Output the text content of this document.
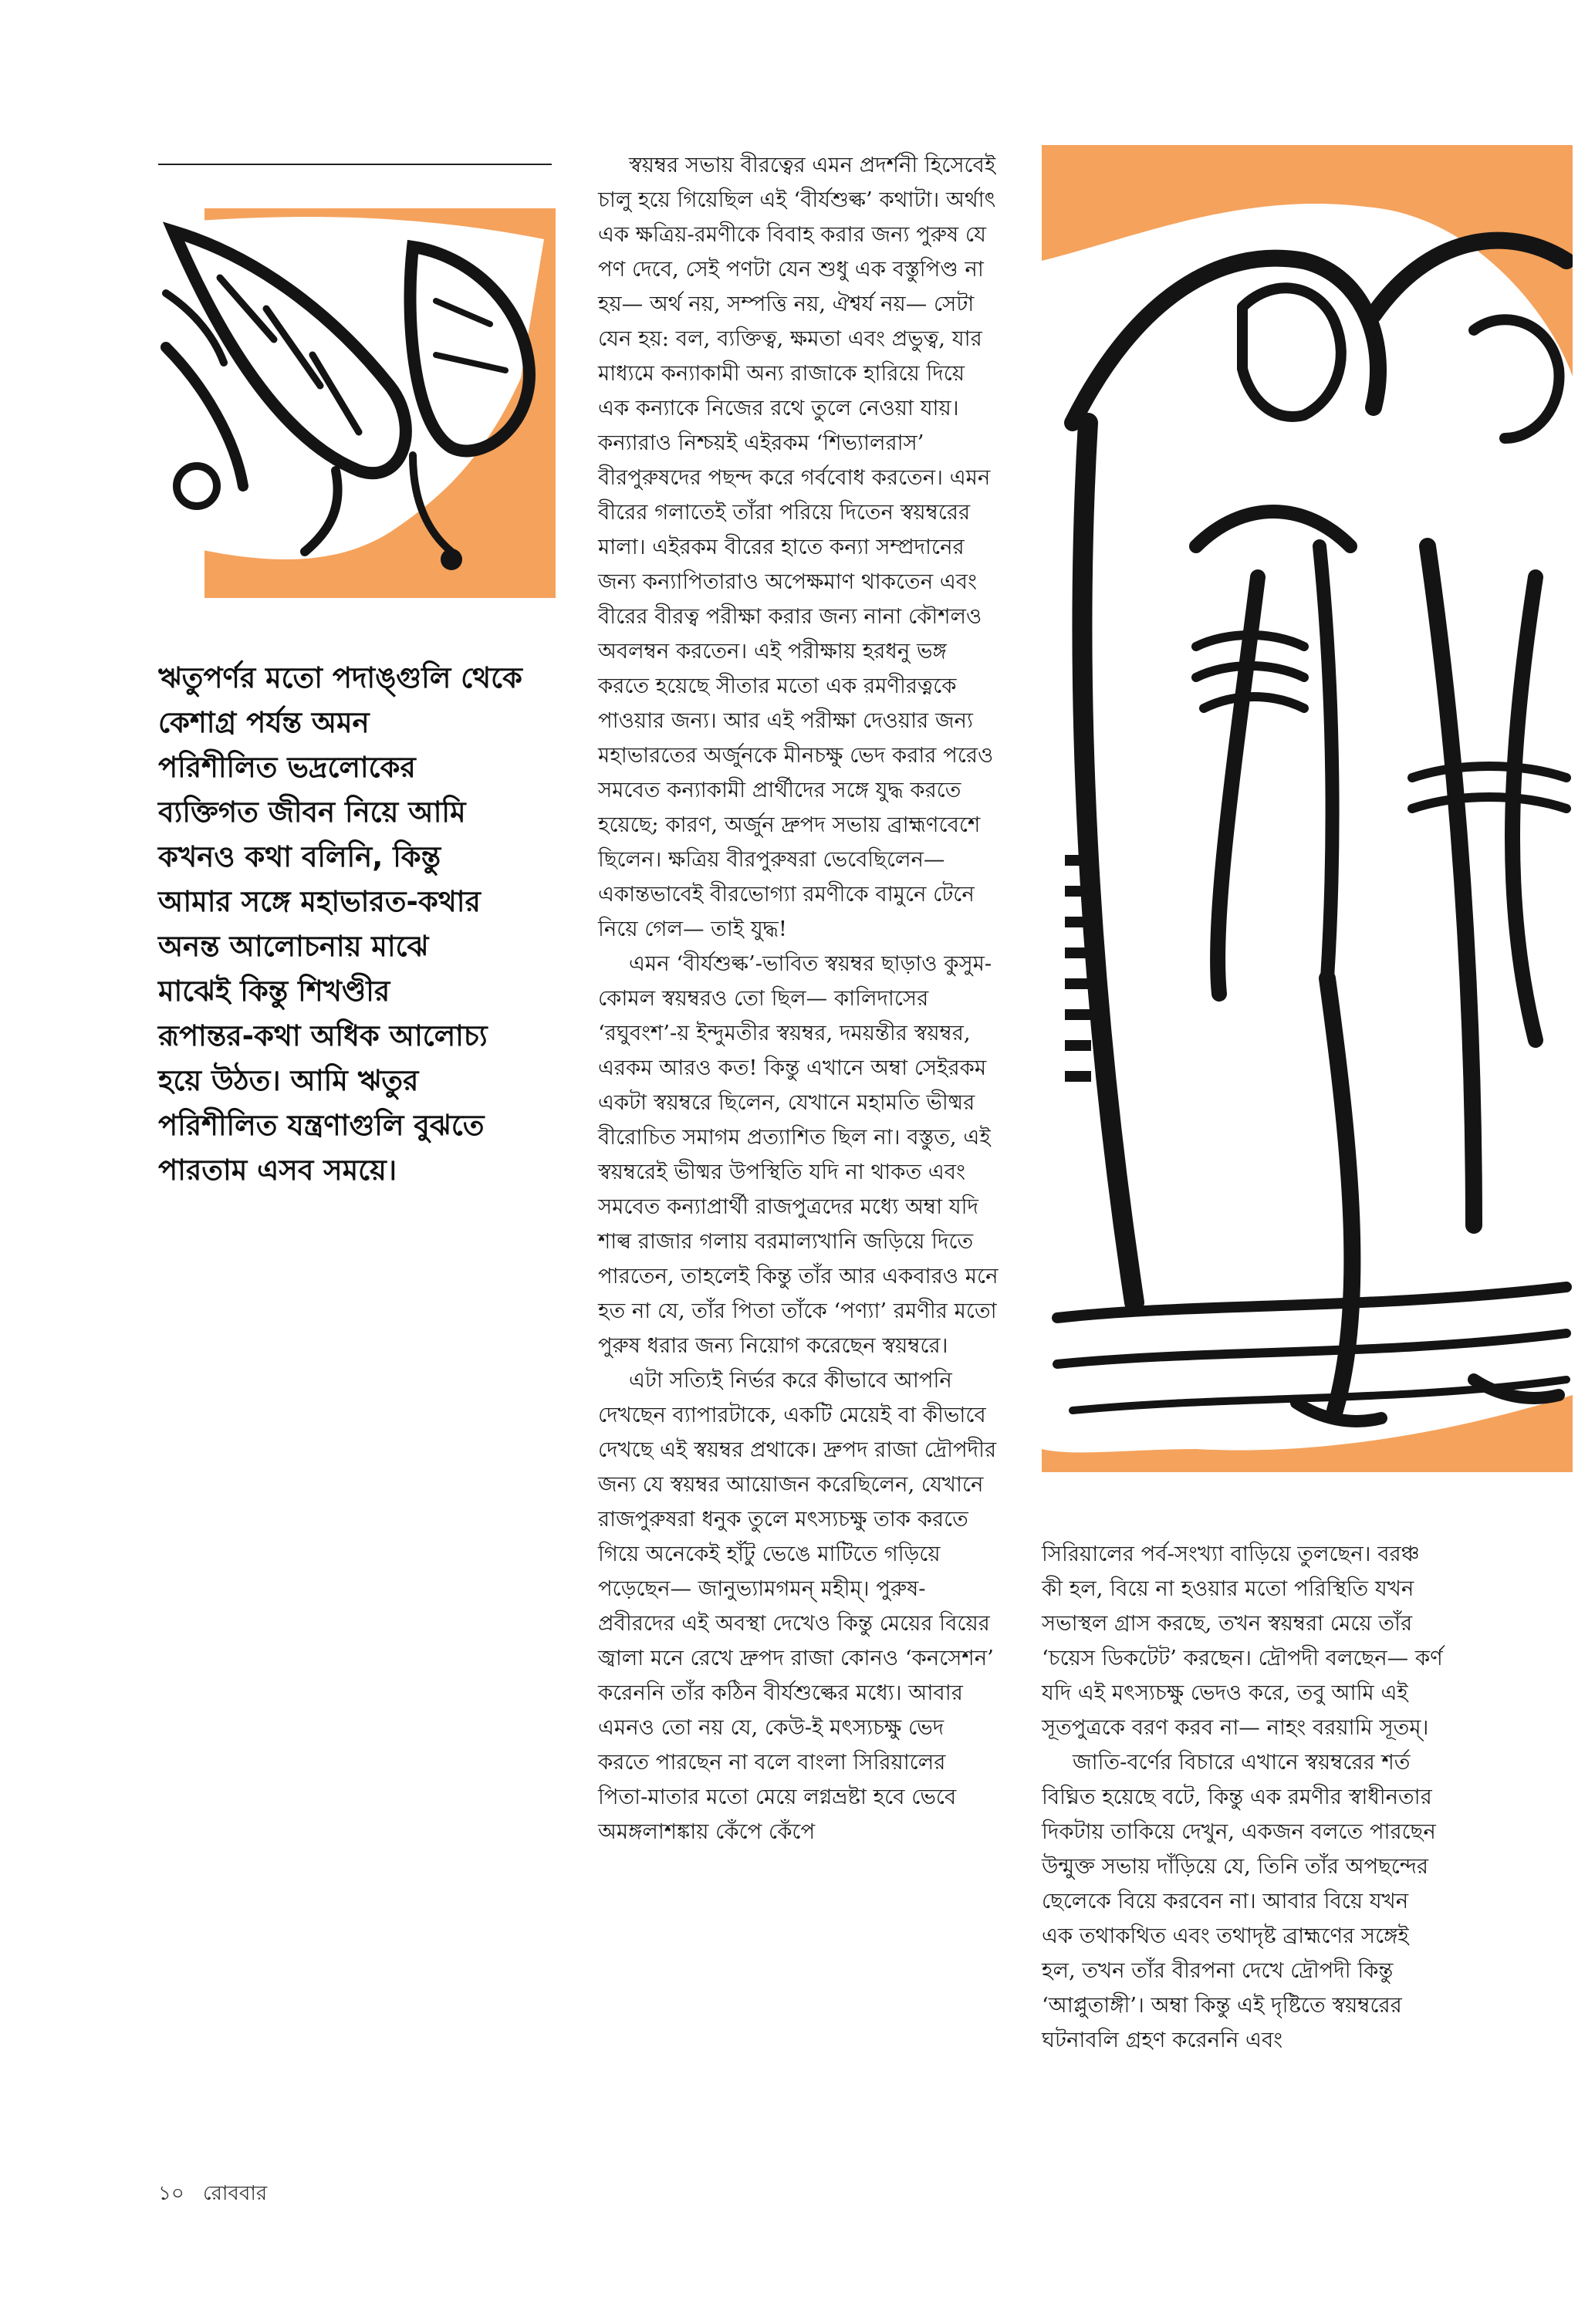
ঋতুপর্ণর মতো পদাঙ্গুলি থেকে

কেশাগ্র পর্যন্ত অমন

পরিশীলিত ভদ্রলোকের

ব্যক্তিগত জীবন নিয়ে আমি

কখনও কথা বলিনি, কিন্তু

আমার সঙ্গে মহাভারত-কথার

অনন্ত আলোচনায় মাঝে

মাঝেই কিন্তু শিখণ্ডীর

রূপান্তর-কথা অধিক আলোচ্য

হয়ে উঠত। আমি ঋতুর

পরিশীলিত যন্ত্রণাগুলি বুঝতে

পারতাম এসব সময়ে।

স্বয়ম্বর সভায় বীরত্বের এমন প্রদর্শনী হিসেবেই চালু হয়ে গিয়েছিল এই ‘বীর্যশুল্ক’ কথাটা। অর্থাৎ এক ক্ষত্রিয়-রমণীকে বিবাহ করার জন্য পুরুষ যে পণ দেবে, সেই পণটা যেন শুধু এক বস্তুপিণ্ড না হয়— অর্থ নয়, সম্পত্তি নয়, ঐশ্বর্য নয়— সেটা যেন হয়: বল, ব্যক্তিত্ব, ক্ষমতা এবং প্রভুত্ব, যার মাধ্যমে কন্যাকামী অন্য রাজাকে হারিয়ে দিয়ে এক কন্যাকে নিজের রথে তুলে নেওয়া যায়। কন্যারাও নিশ্চয়ই এইরকম ‘শিভ্যালরাস’ বীরপুরুষদের পছন্দ করে গর্ববোধ করতেন। এমন বীরের গলাতেই তাঁরা পরিয়ে দিতেন স্বয়ম্বরের মালা। এইরকম বীরের হাতে কন্যা সম্প্রদানের জন্য কন্যাপিতারাও অপেক্ষমাণ থাকতেন এবং বীরের বীরত্ব পরীক্ষা করার জন্য নানা কৌশলও অবলম্বন করতেন। এই পরীক্ষায় হরধনু ভঙ্গ করতে হয়েছে সীতার মতো এক রমণীরত্নকে পাওয়ার জন্য। আর এই পরীক্ষা দেওয়ার জন্য মহাভারতের অর্জুনকে মীনচক্ষু ভেদ করার পরেও সমবেত কন্যাকামী প্রার্থীদের সঙ্গে যুদ্ধ করতে হয়েছে; কারণ, অর্জুন দ্রুপদ সভায় ব্রাহ্মণবেশে ছিলেন। ক্ষত্রিয় বীরপুরুষরা ভেবেছিলেন— একান্তভাবেই বীরভোগ্যা রমণীকে বামুনে টেনে নিয়ে গেল— তাই যুদ্ধ!

এমন ‘বীর্যশুল্ক’-ভাবিত স্বয়ম্বর ছাড়াও কুসুম-কোমল স্বয়ম্বরও তো ছিল— কালিদাসের ‘রঘুবংশ’-য় ইন্দুমতীর স্বয়ম্বর, দময়ন্তীর স্বয়ম্বর, এরকম আরও কত! কিন্তু এখানে অম্বা সেইরকম একটা স্বয়ম্বরে ছিলেন, যেখানে মহামতি ভীষ্মর বীরোচিত সমাগম প্রত্যাশিত ছিল না। বস্তুত, এই স্বয়ম্বরেই ভীষ্মর উপস্থিতি যদি না থাকত এবং সমবেত কন্যাপ্রার্থী রাজপুত্রদের মধ্যে অম্বা যদি শাল্ব রাজার গলায় বরমাল্যখানি জড়িয়ে দিতে পারতেন, তাহলেই কিন্তু তাঁর আর একবারও মনে হত না যে, তাঁর পিতা তাঁকে ‘পণ্যা’ রমণীর মতো পুরুষ ধরার জন্য নিয়োগ করেছেন স্বয়ম্বরে।

এটা সত্যিই নির্ভর করে কীভাবে আপনি দেখছেন ব্যাপারটাকে, একটি মেয়েই বা কীভাবে দেখছে এই স্বয়ম্বর প্রথাকে। দ্রুপদ রাজা দ্রৌপদীর জন্য যে স্বয়ম্বর আয়োজন করেছিলেন, যেখানে রাজপুরুষরা ধনুক তুলে মৎস্যচক্ষু তাক করতে গিয়ে অনেকেই হাঁটু ভেঙে মাটিতে গড়িয়ে পড়েছেন— জানুভ্যামগমন্ মহীম্। পুরুষ-প্রবীরদের এই অবস্থা দেখেও কিন্তু মেয়ের বিয়ের জ্বালা মনে রেখে দ্রুপদ রাজা কোনও ‘কনসেশন’ করেননি তাঁর কঠিন বীর্যশুল্কের মধ্যে। আবার এমনও তো নয় যে, কেউ-ই মৎস্যচক্ষু ভেদ করতে পারছেন না বলে বাংলা সিরিয়ালের পিতা-মাতার মতো মেয়ে লগ্নভ্রষ্টা হবে ভেবে অমঙ্গলাশঙ্কায় কেঁপে কেঁপে

সিরিয়ালের পর্ব-সংখ্যা বাড়িয়ে তুলছেন। বরঞ্চ কী হল, বিয়ে না হওয়ার মতো পরিস্থিতি যখন সভাস্থল গ্রাস করছে, তখন স্বয়ম্বরা মেয়ে তাঁর ‘চয়েস ডিকটেট’ করছেন। দ্রৌপদী বলছেন— কর্ণ যদি এই মৎস্যচক্ষু ভেদও করে, তবু আমি এই সূতপুত্রকে বরণ করব না— নাহং বরয়ামি সূতম্।

জাতি-বর্ণের বিচারে এখানে স্বয়ম্বরের শর্ত বিঘ্নিত হয়েছে বটে, কিন্তু এক রমণীর স্বাধীনতার দিকটায় তাকিয়ে দেখুন, একজন বলতে পারছেন উন্মুক্ত সভায় দাঁড়িয়ে যে, তিনি তাঁর অপছন্দের ছেলেকে বিয়ে করবেন না। আবার বিয়ে যখন এক তথাকথিত এবং তথাদৃষ্ট ব্রাহ্মণের সঙ্গেই হল, তখন তাঁর বীরপনা দেখে দ্রৌপদী কিন্তু ‘আপ্লুতাঙ্গী’। অম্বা কিন্তু এই দৃষ্টিতে স্বয়ম্বরের ঘটনাবলি গ্রহণ করেননি এবং

১০ রোববার
